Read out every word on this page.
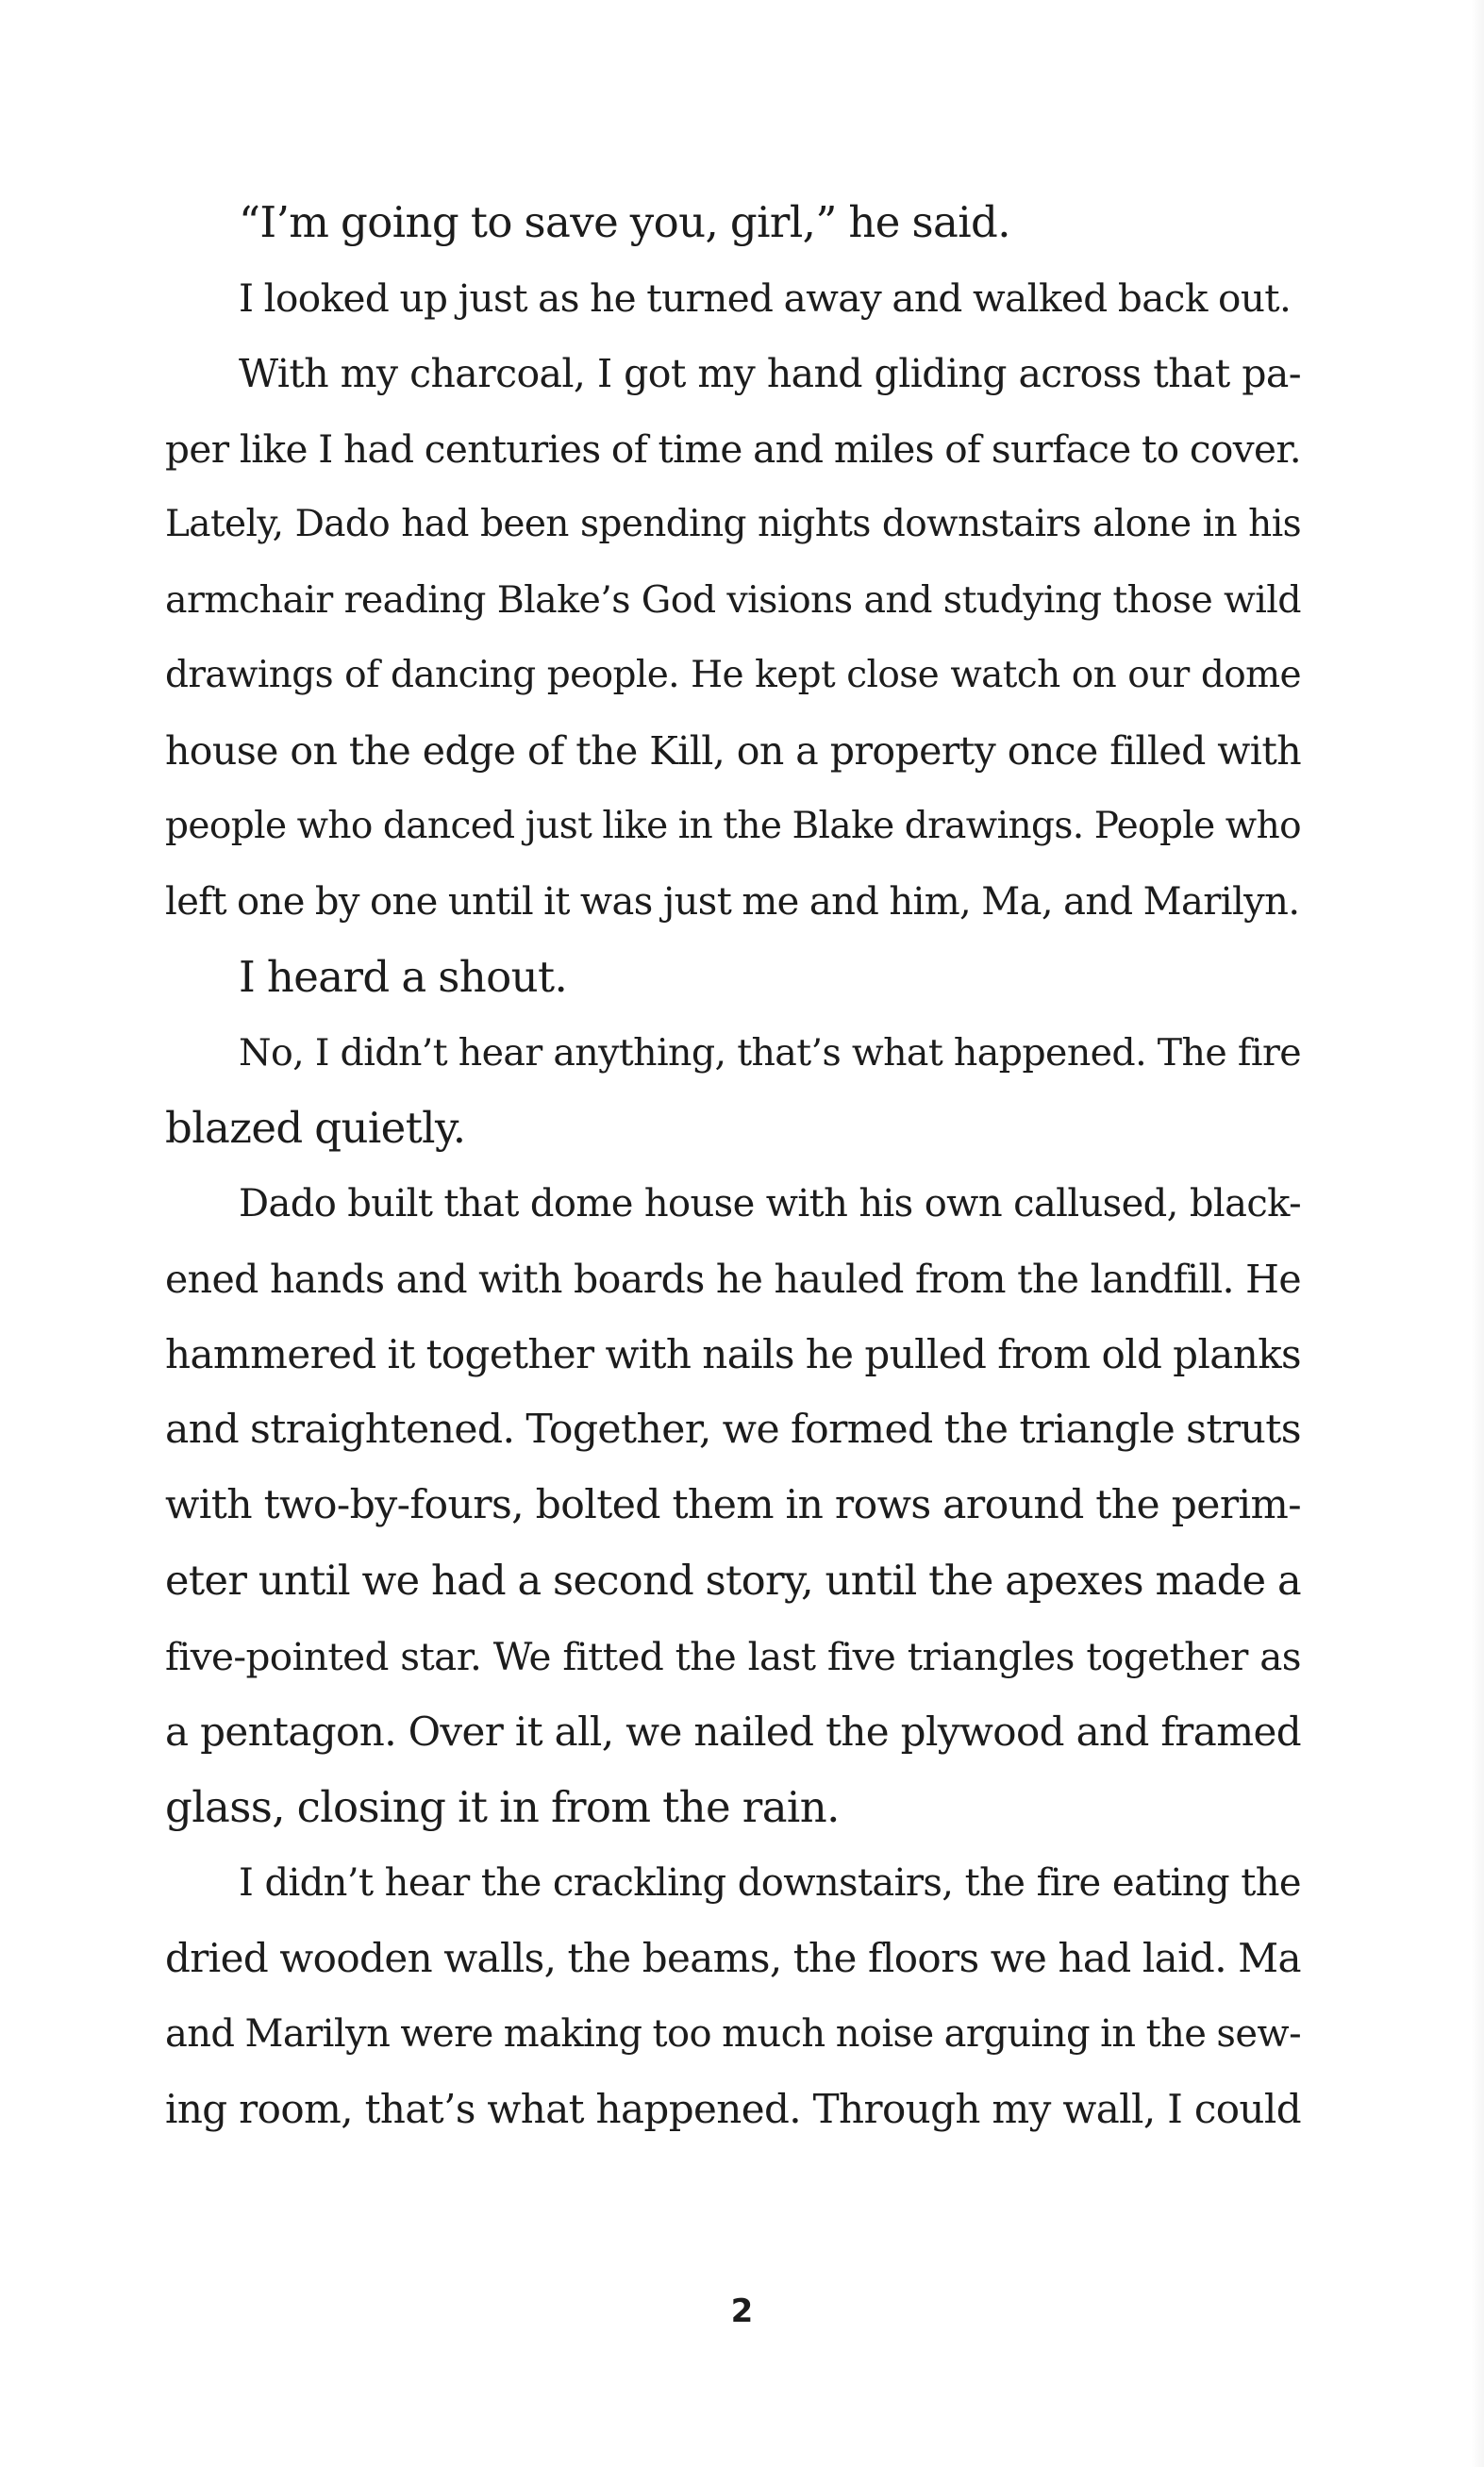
“I’m going to save you, girl,” he said.
I looked up just as he turned away and walked back out.
With my charcoal, I got my hand gliding across that pa-
per like I had centuries of time and miles of surface to cover.
Lately, Dado had been spending nights downstairs alone in his
armchair reading Blake’s God visions and studying those wild
drawings of dancing people. He kept close watch on our dome
house on the edge of the Kill, on a property once filled with
people who danced just like in the Blake drawings. People who
left one by one until it was just me and him, Ma, and Marilyn.
I heard a shout.
No, I didn’t hear anything, that’s what happened. The fire
blazed quietly.
Dado built that dome house with his own callused, black-
ened hands and with boards he hauled from the landfill. He
hammered it together with nails he pulled from old planks
and straightened. Together, we formed the triangle struts
with two-by-fours, bolted them in rows around the perim-
eter until we had a second story, until the apexes made a
five-pointed star. We fitted the last five triangles together as
a pentagon. Over it all, we nailed the plywood and framed
glass, closing it in from the rain.
I didn’t hear the crackling downstairs, the fire eating the
dried wooden walls, the beams, the floors we had laid. Ma
and Marilyn were making too much noise arguing in the sew-
ing room, that’s what happened. Through my wall, I could
2
